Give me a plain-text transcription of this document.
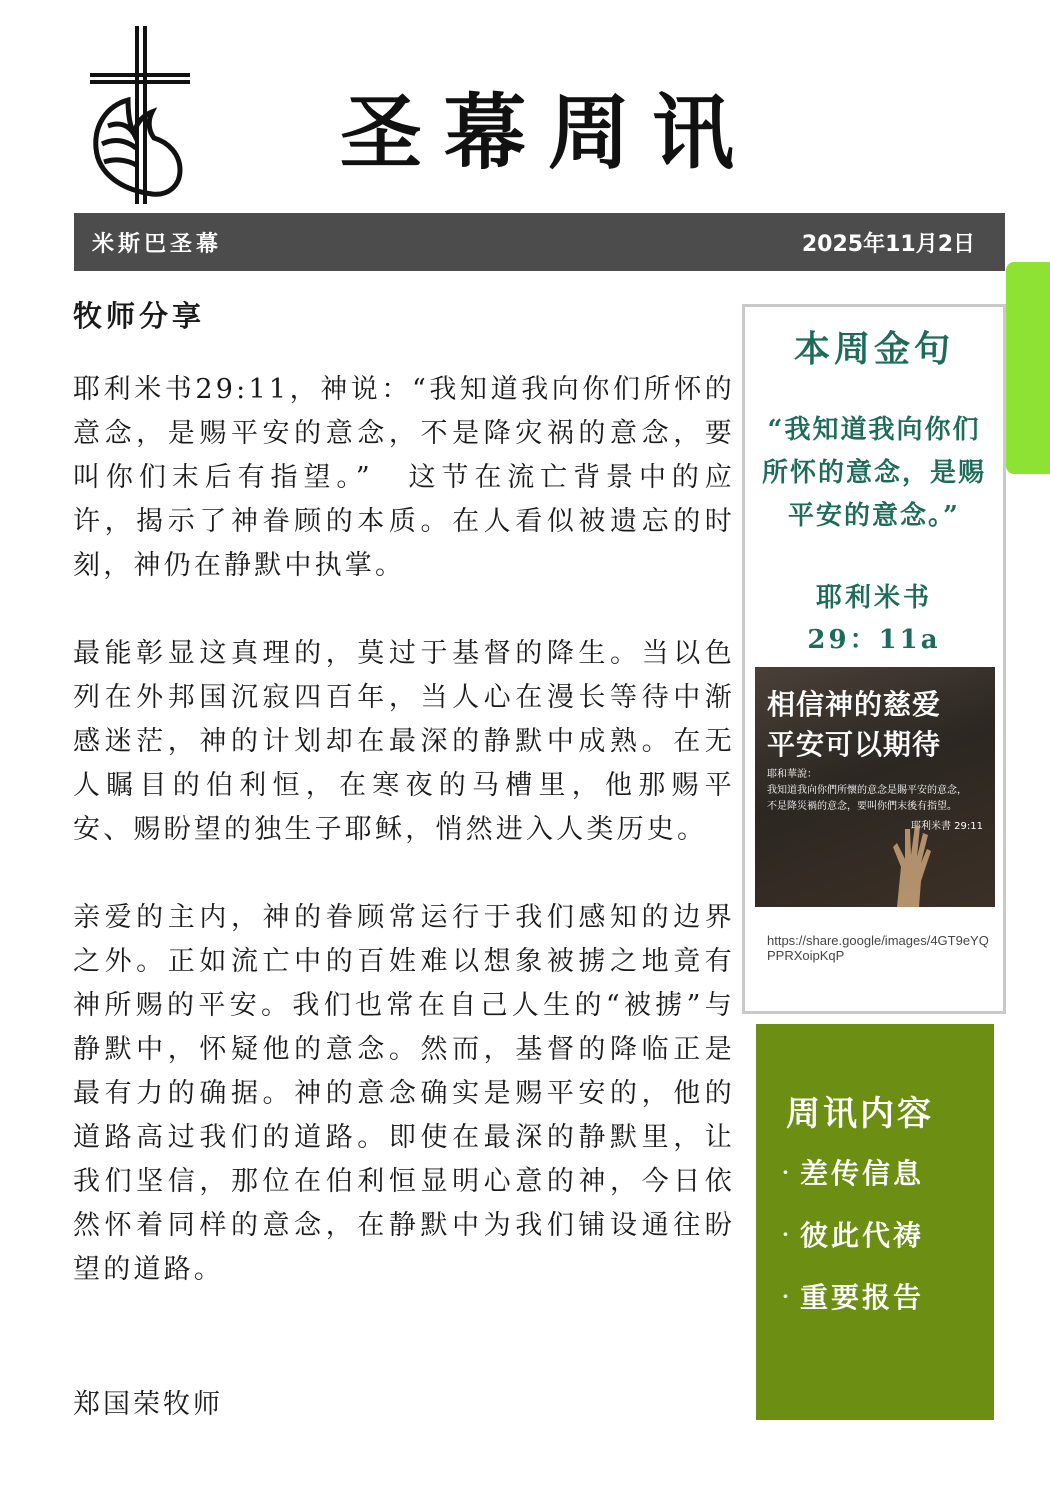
圣幕周讯
米斯巴圣幕	2025年11月2日
牧师分享

耶利米书29:11，神说：“我知道我向你们所怀的意念，是赐平安的意念，不是降灾祸的意念，要叫你们末后有指望。”　这节在流亡背景中的应许，揭示了神眷顾的本质。在人看似被遗忘的时刻，神仍在静默中执掌。

最能彰显这真理的，莫过于基督的降生。当以色列在外邦国沉寂四百年，当人心在漫长等待中渐感迷茫，神的计划却在最深的静默中成熟。在无人瞩目的伯利恒，在寒夜的马槽里，他那赐平安、赐盼望的独生子耶稣，悄然进入人类历史。

亲爱的主内，神的眷顾常运行于我们感知的边界之外。正如流亡中的百姓难以想象被掳之地竟有神所赐的平安。我们也常在自己人生的“被掳”与静默中，怀疑他的意念。然而，基督的降临正是最有力的确据。神的意念确实是赐平安的，他的道路高过我们的道路。即使在最深的静默里，让我们坚信，那位在伯利恒显明心意的神，今日依然怀着同样的意念，在静默中为我们铺设通往盼望的道路。

郑国荣牧师
本周金句
“我知道我向你们所怀的意念，是赐平安的意念。”
耶利米书
29：11a
相信神的慈爱
平安可以期待
耶和華說：
我知道我向你們所懷的意念是賜平安的意念，
不是降災禍的意念，要叫你們末後有指望。
耶利米書 29:11
https://share.google/images/4GT9eYQPPRXoipKqP
周讯内容
· 差传信息
· 彼此代祷
· 重要报告
